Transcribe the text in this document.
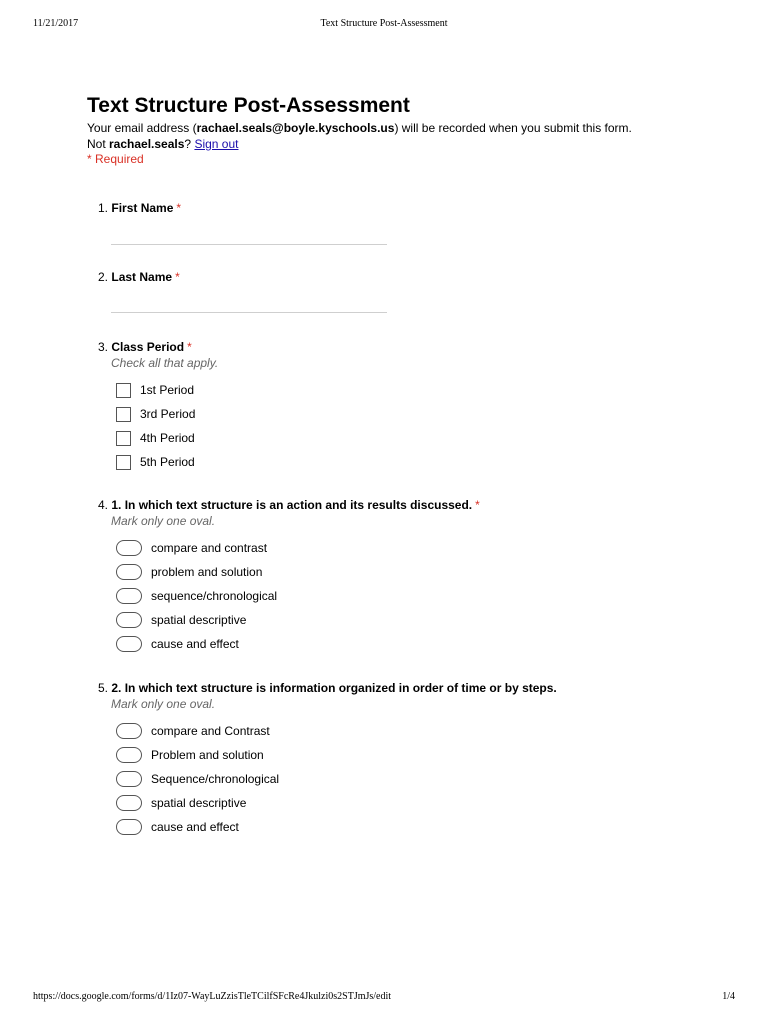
11/21/2017	Text Structure Post-Assessment
Text Structure Post-Assessment
Your email address (rachael.seals@boyle.kyschools.us) will be recorded when you submit this form.
Not rachael.seals? Sign out
* Required
1. First Name *
2. Last Name *
3. Class Period *
Check all that apply.
1st Period
3rd Period
4th Period
5th Period
4. 1. In which text structure is an action and its results discussed. *
Mark only one oval.
compare and contrast
problem and solution
sequence/chronological
spatial descriptive
cause and effect
5. 2. In which text structure is information organized in order of time or by steps.
Mark only one oval.
compare and Contrast
Problem and solution
Sequence/chronological
spatial descriptive
cause and effect
https://docs.google.com/forms/d/1Iz07-WayLuZzisTleTCilfSFcRe4Jkulzi0s2STJmJs/edit	1/4
